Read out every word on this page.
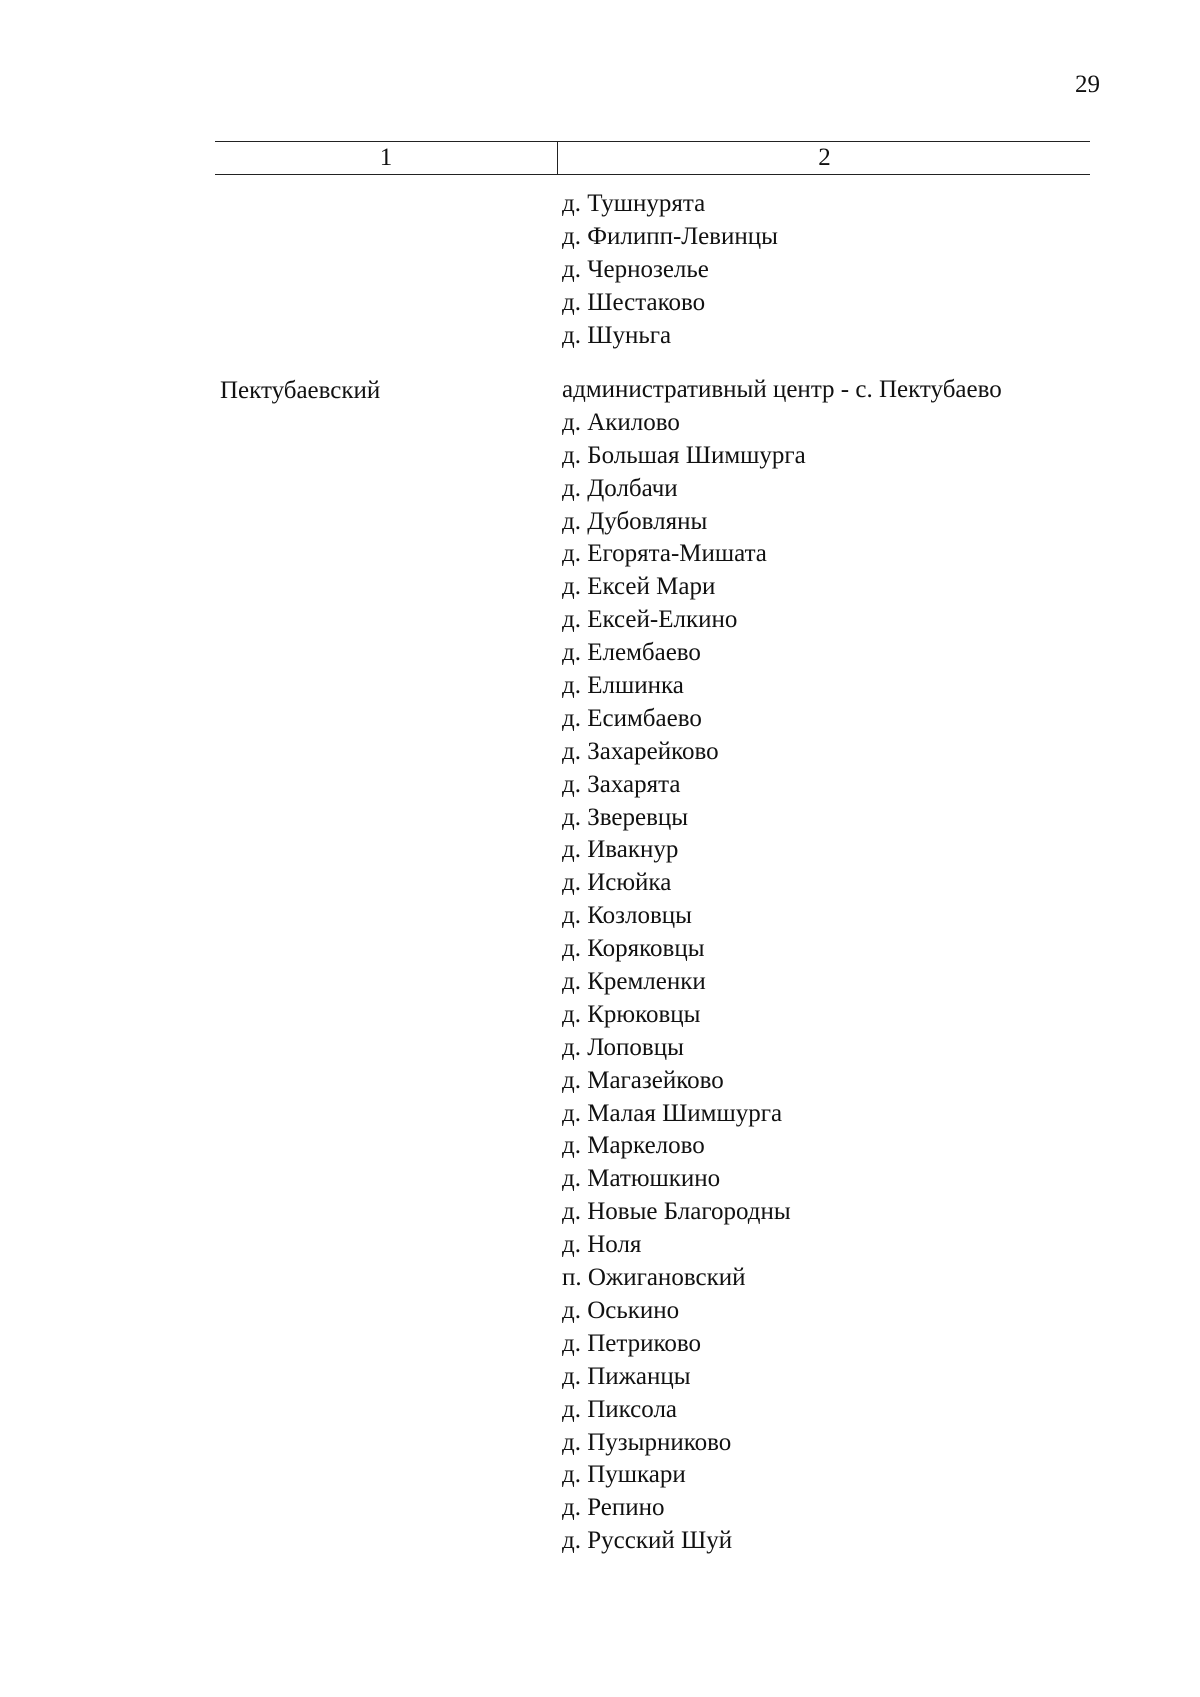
29
1	2
д. Тушнурята
д. Филипп-Левинцы
д. Чернозелье
д. Шестаково
д. Шуньга
Пектубаевский	административный центр - с. Пектубаево
д. Акилово
д. Большая Шимшурга
д. Долбачи
д. Дубовляны
д. Егорята-Мишата
д. Ексей Мари
д. Ексей-Елкино
д. Елембаево
д. Елшинка
д. Есимбаево
д. Захарейково
д. Захарята
д. Зверевцы
д. Ивакнур
д. Исюйка
д. Козловцы
д. Коряковцы
д. Кремленки
д. Крюковцы
д. Лоповцы
д. Магазейково
д. Малая Шимшурга
д. Маркелово
д. Матюшкино
д. Новые Благородны
д. Ноля
п. Ожигановский
д. Оськино
д. Петриково
д. Пижанцы
д. Пиксола
д. Пузырниково
д. Пушкари
д. Репино
д. Русский Шуй
